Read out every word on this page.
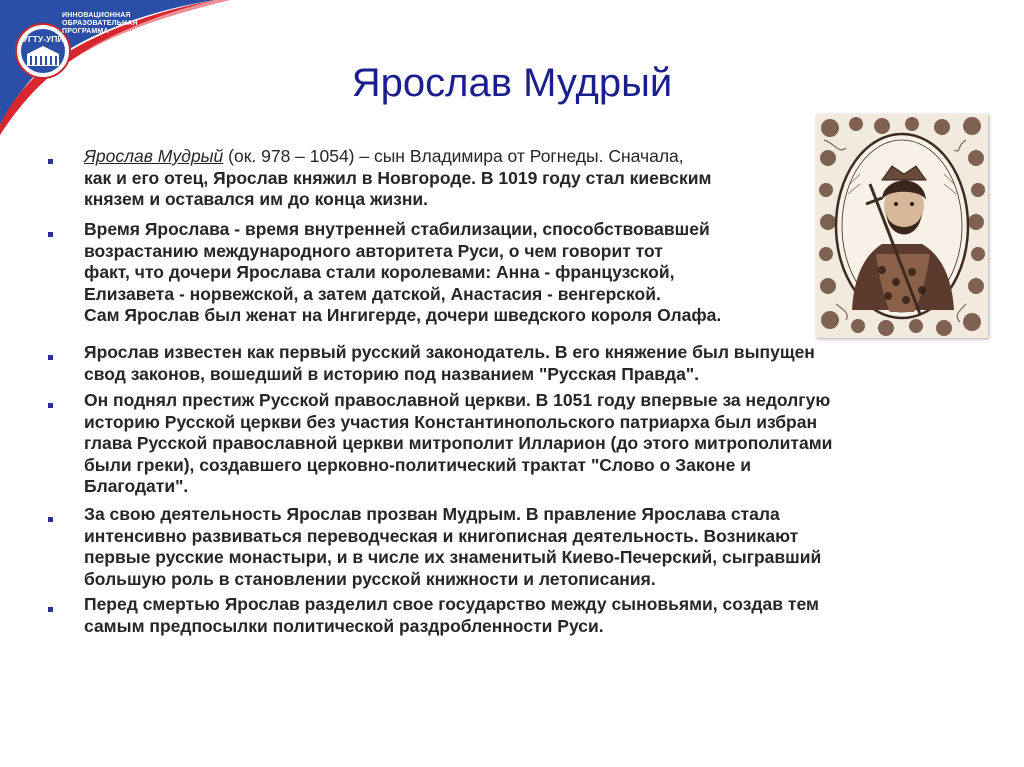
УГТУ-УПИ
ИННОВАЦИОННАЯ
ОБРАЗОВАТЕЛЬНАЯ
ПРОГРАММА
Ярослав Мудрый
Ярослав Мудрый (ок. 978 – 1054) – сын Владимира от Рогнеды. Сначала,
как и его отец, Ярослав княжил в Новгороде. В 1019 году стал киевским
князем и оставался им до конца жизни.
Время Ярослава - время внутренней стабилизации, способствовавшей
возрастанию международного авторитета Руси, о чем говорит тот
факт, что дочери Ярослава стали королевами: Анна - французской,
Елизавета - норвежской, а затем датской, Анастасия - венгерской.
Сам Ярослав был женат на Ингигерде, дочери шведского короля Олафа.
Ярослав известен как первый русский законодатель. В его княжение был выпущен
свод законов, вошедший в историю под названием "Русская Правда".
Он поднял престиж Русской православной церкви. В 1051 году впервые за недолгую
историю Русской церкви без участия Константинопольского патриарха был избран
глава Русской православной церкви митрополит Илларион (до этого митрополитами
были греки), создавшего церковно-политический трактат "Слово о Законе и
Благодати".
За свою деятельность Ярослав прозван Мудрым. В правление Ярослава стала
интенсивно развиваться переводческая и книгописная деятельность. Возникают
первые русские монастыри, и в числе их знаменитый Киево-Печерский, сыгравший
большую роль в становлении русской книжности и летописания.
Перед смертью Ярослав разделил свое государство между сыновьями, создав тем
самым предпосылки политической раздробленности Руси.
